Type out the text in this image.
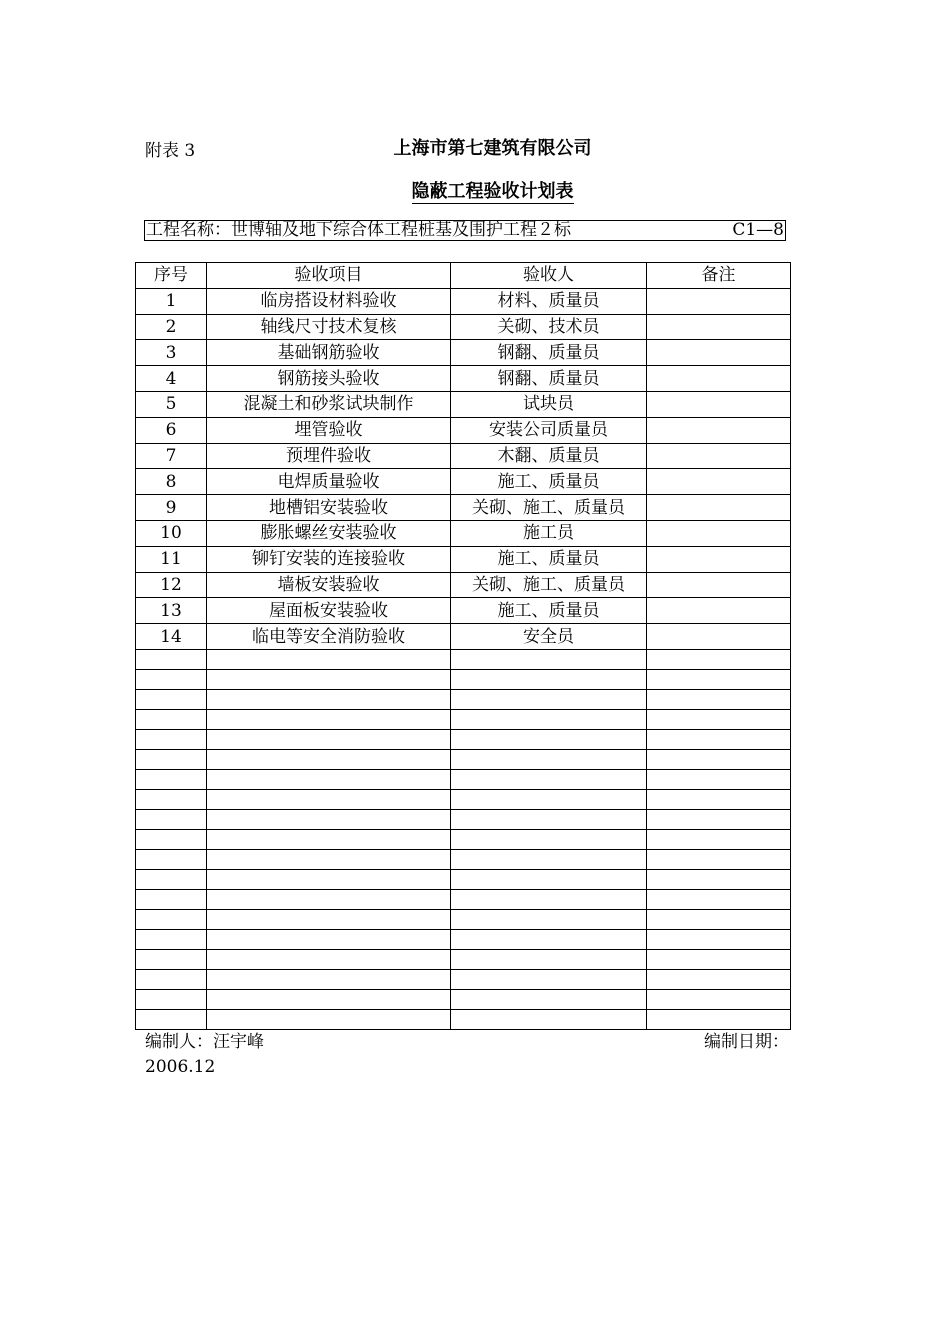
附表 3	上海市第七建筑有限公司
隐蔽工程验收计划表
工程名称：世博轴及地下综合体工程桩基及围护工程２标	C1—8
序号	验收项目	验收人	备注
1	临房搭设材料验收	材料、质量员	
2	轴线尺寸技术复核	关砌、技术员	
3	基础钢筋验收	钢翻、质量员	
4	钢筋接头验收	钢翻、质量员	
5	混凝土和砂浆试块制作	试块员	
6	埋管验收	安装公司质量员	
7	预埋件验收	木翻、质量员	
8	电焊质量验收	施工、质量员	
9	地槽铝安装验收	关砌、施工、质量员	
10	膨胀螺丝安装验收	施工员	
11	铆钉安装的连接验收	施工、质量员	
12	墙板安装验收	关砌、施工、质量员	
13	屋面板安装验收	施工、质量员	
14	临电等安全消防验收	安全员	

编制人：汪宇峰	编制日期：
2006.12
